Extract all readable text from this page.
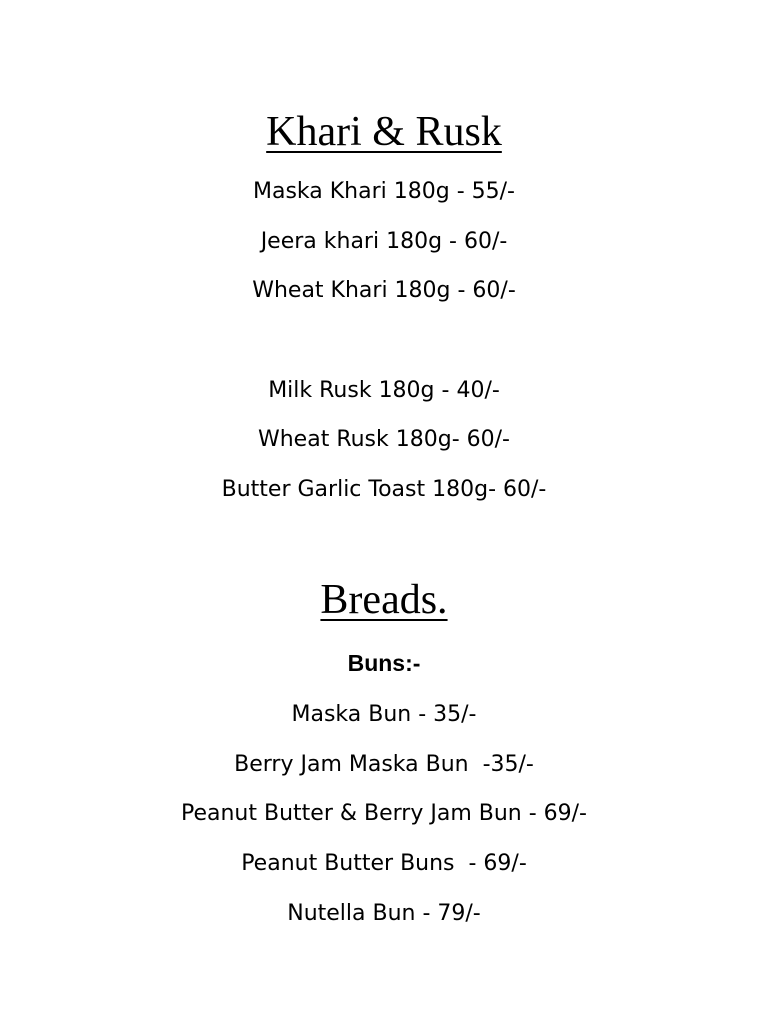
Khari & Rusk

Maska Khari 180g - 55/-

Jeera khari 180g - 60/-

Wheat Khari 180g - 60/-

Milk Rusk 180g - 40/-

Wheat Rusk 180g- 60/-

Butter Garlic Toast 180g- 60/-

Breads.

Buns:-

Maska Bun - 35/-

Berry Jam Maska Bun  -35/-

Peanut Butter & Berry Jam Bun - 69/-

Peanut Butter Buns  - 69/-

Nutella Bun - 79/-
